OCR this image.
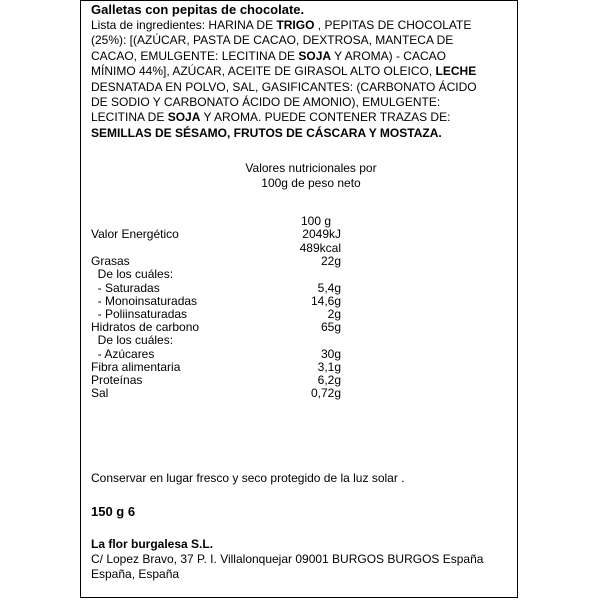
Galletas con pepitas de chocolate.
Lista de ingredientes: HARINA DE TRIGO , PEPITAS DE CHOCOLATE (25%): [(AZÚCAR, PASTA DE CACAO, DEXTROSA, MANTECA DE CACAO, EMULGENTE: LECITINA DE SOJA Y AROMA) - CACAO MÍNIMO 44%], AZÚCAR, ACEITE DE GIRASOL ALTO OLEICO, LECHE DESNATADA EN POLVO, SAL, GASIFICANTES: (CARBONATO ÁCIDO DE SODIO Y CARBONATO ÁCIDO DE AMONIO), EMULGENTE: LECITINA DE SOJA Y AROMA. PUEDE CONTENER TRAZAS DE: SEMILLAS DE SÉSAMO, FRUTOS DE CÁSCARA Y MOSTAZA.
Valores nutricionales por
100g de peso neto
100 g
Valor Energético	2049kJ
489kcal
Grasas	22g
De los cuáles:
- Saturadas	5,4g
- Monoinsaturadas	14,6g
- Poliinsaturadas	2g
Hidratos de carbono	65g
De los cuáles:
- Azúcares	30g
Fibra alimentaria	3,1g
Proteínas	6,2g
Sal	0,72g
Conservar en lugar fresco y seco protegido de la luz solar .
150 g 6
La flor burgalesa S.L.
C/ Lopez Bravo, 37 P. I. Villalonquejar 09001 BURGOS BURGOS España
España, España
